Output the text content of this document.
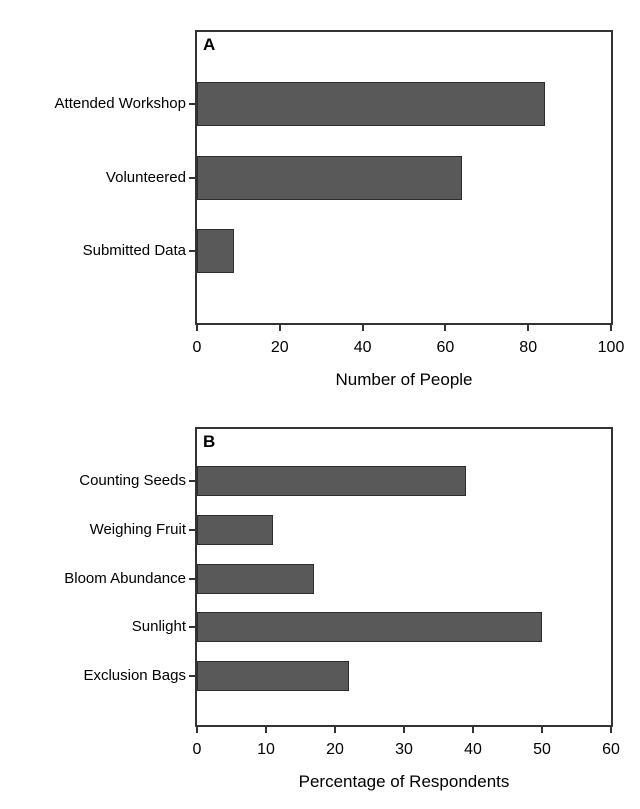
A
Number of People
Attended Workshop
Volunteered
Submitted Data
0	20	40	60	80	100
B
Percentage of Respondents
Counting Seeds
Weighing Fruit
Bloom Abundance
Sunlight
Exclusion Bags
0	10	20	30	40	50	60
